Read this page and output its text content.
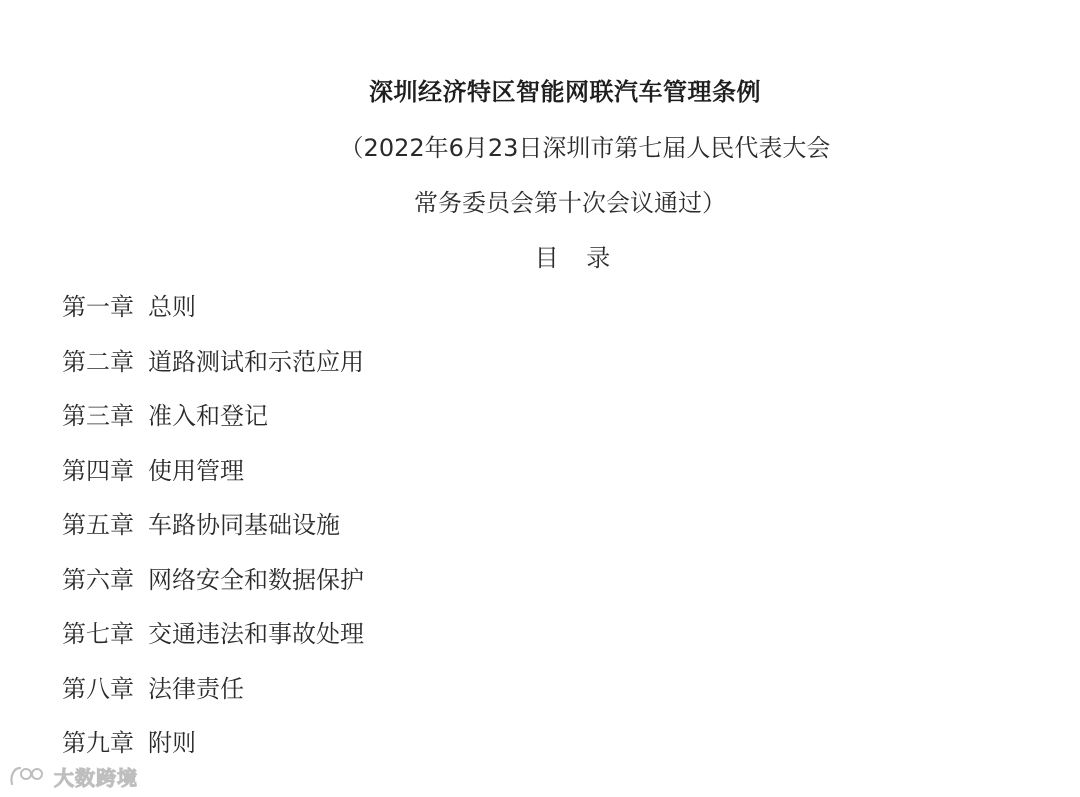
深圳经济特区智能网联汽车管理条例
（2022年6月23日深圳市第七届人民代表大会
常务委员会第十次会议通过）
目 录
第一章 总则
第二章 道路测试和示范应用
第三章 准入和登记
第四章 使用管理
第五章 车路协同基础设施
第六章 网络安全和数据保护
第七章 交通违法和事故处理
第八章 法律责任
第九章 附则
大数跨境
